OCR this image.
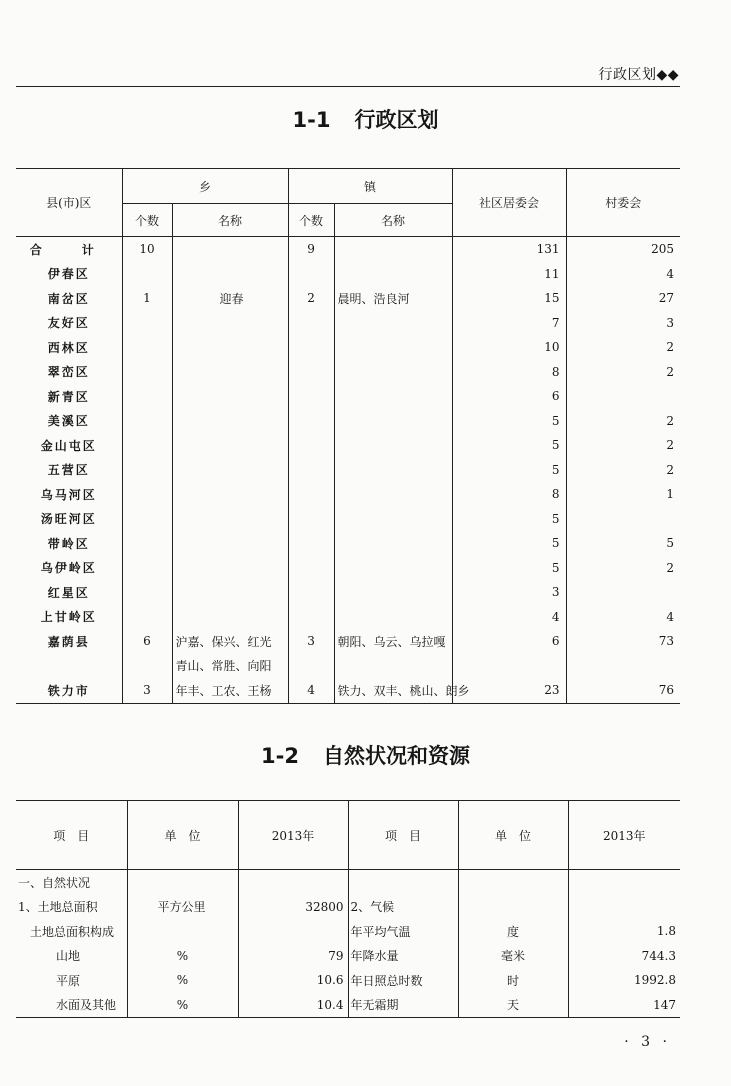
行政区划◆◆
1-1 行政区划
县(市)区	乡		镇		社区居委会	村委会
	个数	名称	个数	名称		
合　计	10		9		131	205
伊春区					11	4
南岔区	1	迎春	2	晨明、浩良河	15	27
友好区					7	3
西林区					10	2
翠峦区					8	2
新青区					6	
美溪区					5	2
金山屯区					5	2
五营区					5	2
乌马河区					8	1
汤旺河区					5	
带岭区					5	5
乌伊岭区					5	2
红星区					3	
上甘岭区					4	4
嘉荫县	6	沪嘉、保兴、红光	3	朝阳、乌云、乌拉嘎	6	73
		青山、常胜、向阳				
铁力市	3	年丰、工农、王杨	4	铁力、双丰、桃山、朗乡	23	76
1-2 自然状况和资源
项　目	单　位	2013年	项　目	单　位	2013年
一、自然状况					
1、土地总面积	平方公里	32800	2、气候		
土地总面积构成			年平均气温	度	1.8
山地	%	79	年降水量	毫米	744.3
平原	%	10.6	年日照总时数	时	1992.8
水面及其他	%	10.4	年无霜期	天	147
· 3 ·
